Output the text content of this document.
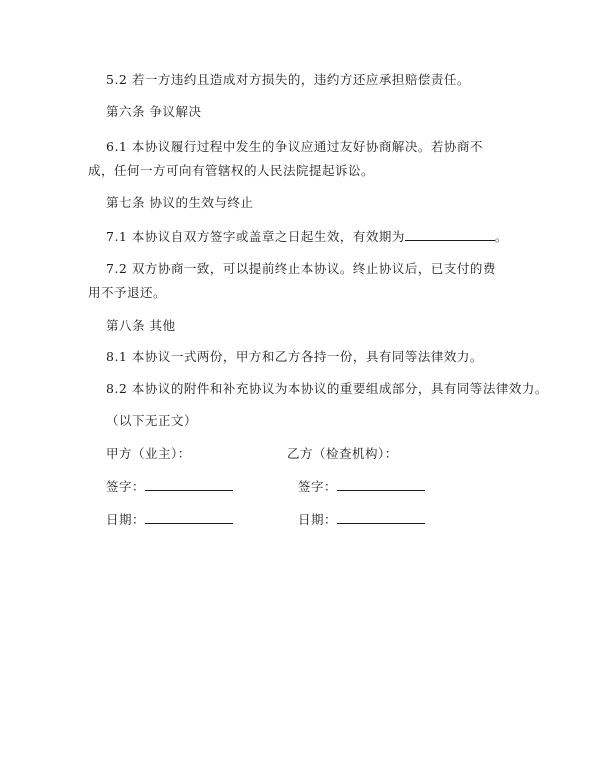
5.2 若一方违约且造成对方损失的，违约方还应承担赔偿责任。
第六条 争议解决
6.1 本协议履行过程中发生的争议应通过友好协商解决。若协商不成，任何一方可向有管辖权的人民法院提起诉讼。
第七条 协议的生效与终止
7.1 本协议自双方签字或盖章之日起生效，有效期为	。
7.2 双方协商一致，可以提前终止本协议。终止协议后，已支付的费用不予退还。
第八条 其他
8.1 本协议一式两份，甲方和乙方各持一份，具有同等法律效力。
8.2 本协议的附件和补充协议为本协议的重要组成部分，具有同等法律效力。
（以下无正文）
甲方（业主）：	乙方（检查机构）：
签字：	签字：
日期：	日期：
